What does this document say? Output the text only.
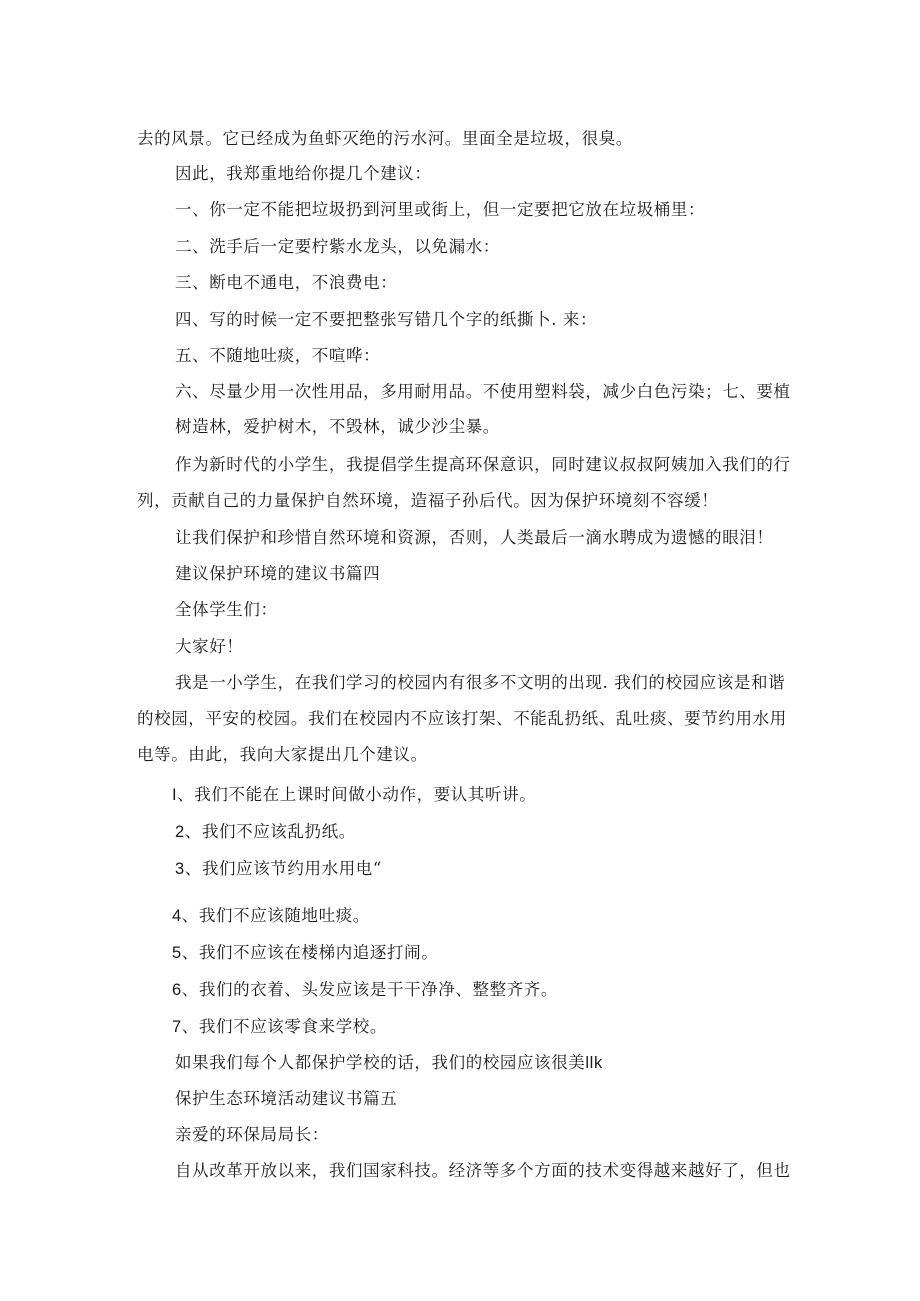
去的风景。它已经成为鱼虾灭绝的污水河。里面全是垃圾，很臭。
因此，我郑重地给你提几个建议：
一、你一定不能把垃圾扔到河里或街上，但一定要把它放在垃圾桶里：
二、洗手后一定要柠紫水龙头，以免漏水：
三、断电不通电，不浪费电：
四、写的时候一定不要把整张写错几个字的纸撕卜. 来：
五、不随地吐痰，不喧哗：
六、尽量少用一次性用品，多用耐用品。不使用塑料袋，减少白色污染；七、要植
树造林，爱护树木，不毁林，诚少沙尘暴。
作为新时代的小学生，我提倡学生提高环保意识，同时建议叔叔阿姨加入我们的行
列，贡献自己的力量保护自然环境，造福子孙后代。因为保护环境刻不容缓！
让我们保护和珍惜自然环境和资源，否则，人类最后一滴水聘成为遗憾的眼泪！
建议保护环境的建议书篇四
全体学生们：
大家好！
我是一小学生，在我们学习的校园内有很多不文明的出现. 我们的校园应该是和谐
的校园，平安的校园。我们在校园内不应该打架、不能乱扔纸、乱吐痰、要节约用水用
电等。由此，我向大家提出几个建议。
I、我们不能在上课时间做小动作，要认其听讲。
2、我们不应该乱扔纸。
3、我们应该节约用水用电“
4、我们不应该随地吐痰。
5、我们不应该在楼梯内追逐打闹。
6、我们的衣着、头发应该是干干净净、整整齐齐。
7、我们不应该零食来学校。
如果我们每个人都保护学校的话，我们的校园应该很美llk
保护生态环境活动建议书篇五
亲爱的环保局局长：
自从改革开放以来，我们国家科技。经济等多个方面的技术变得越来越好了，但也
